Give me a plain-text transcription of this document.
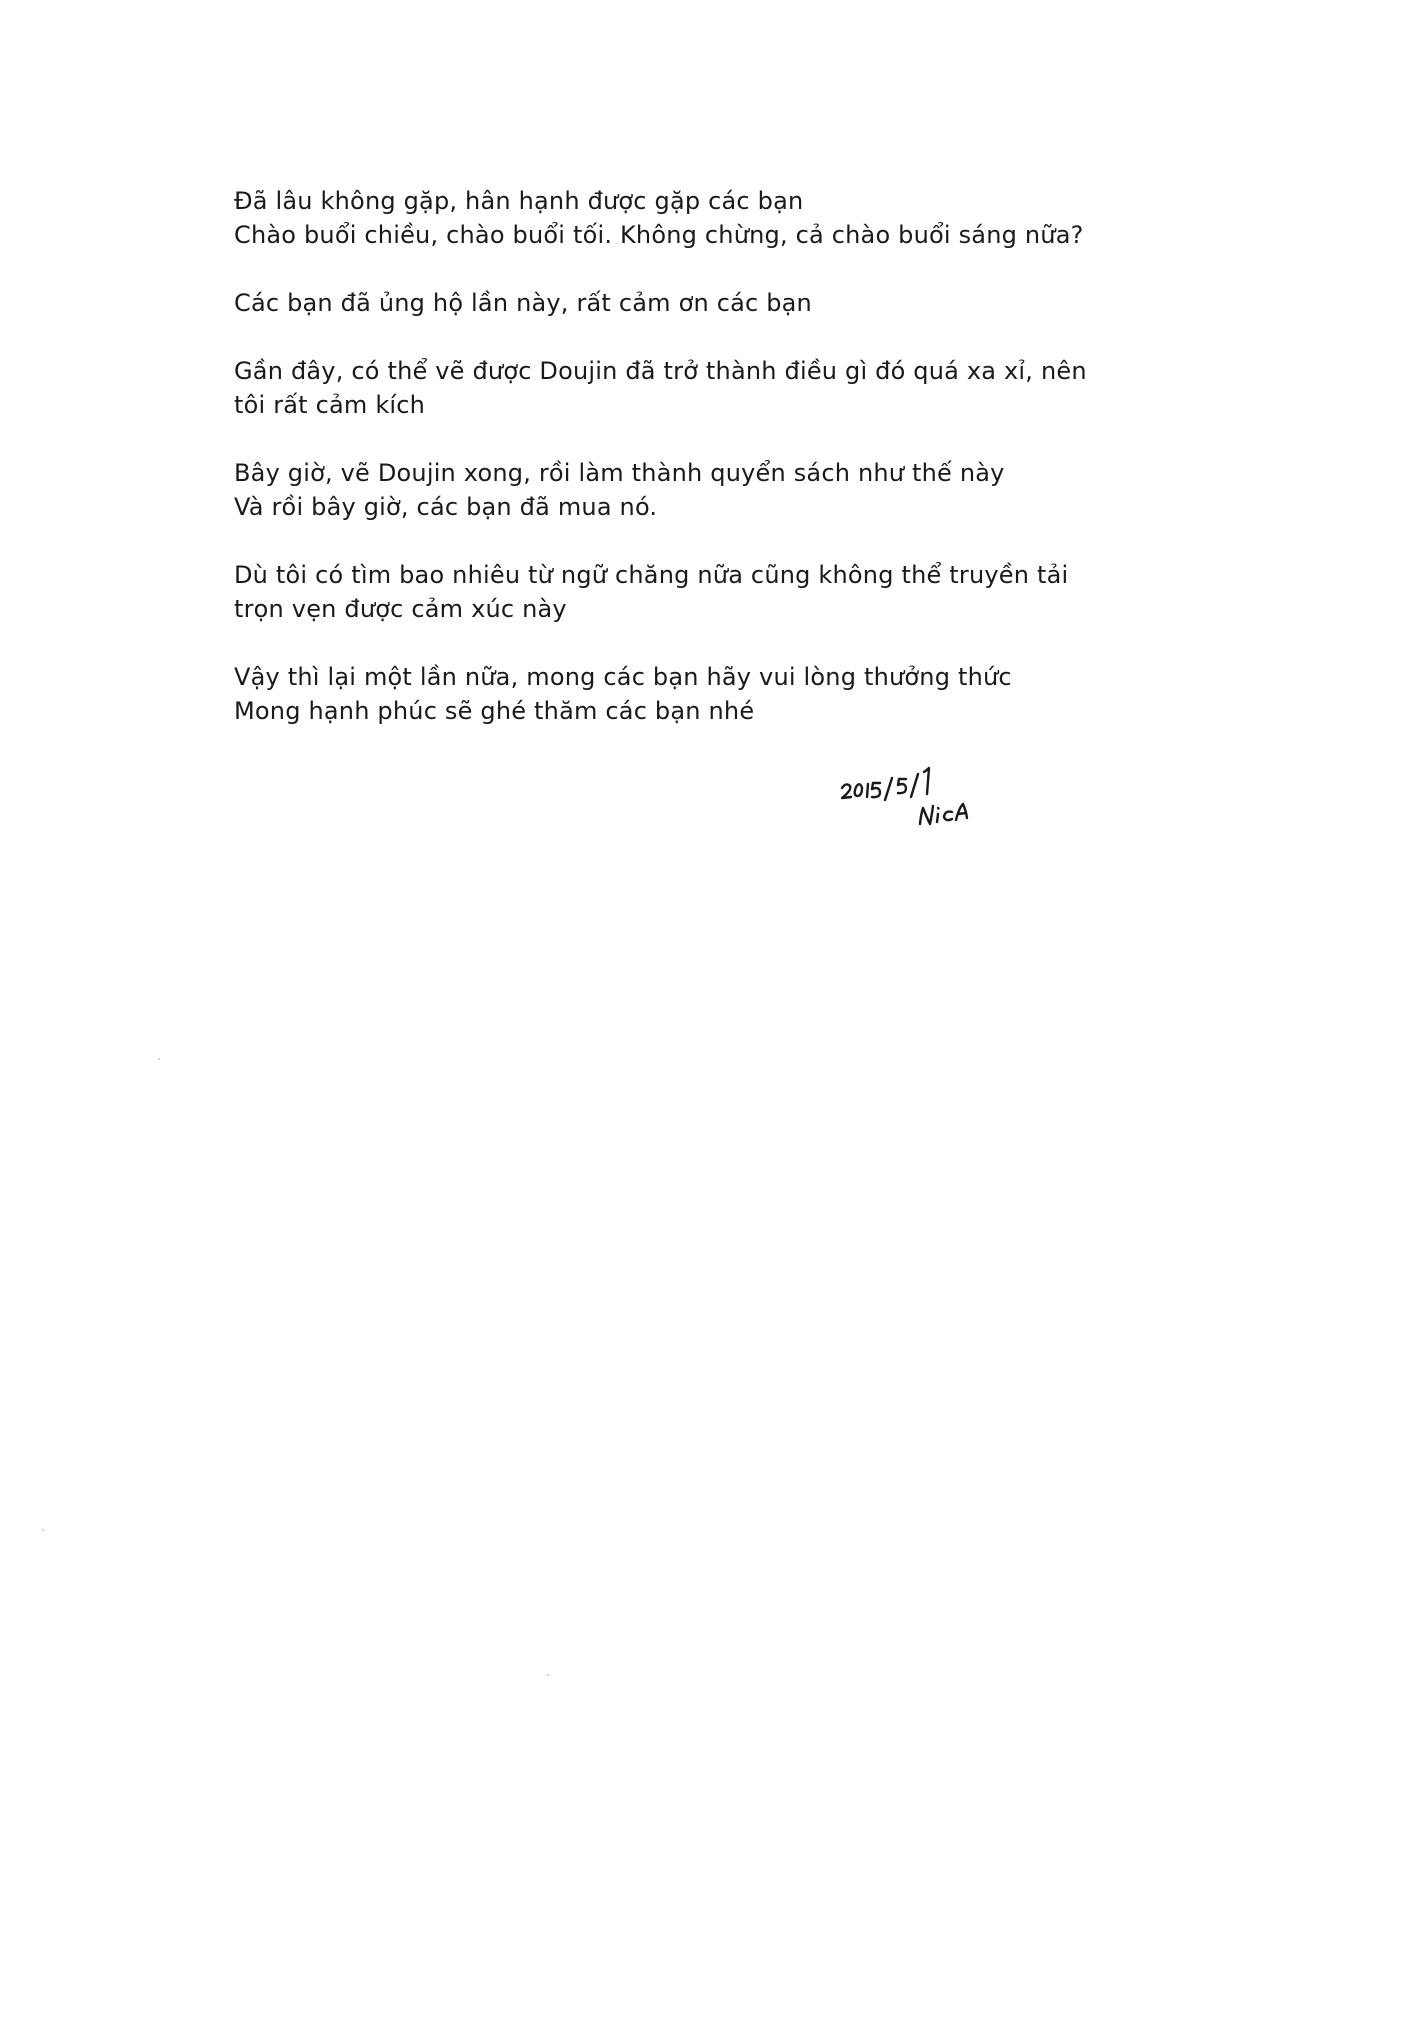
Đã lâu không gặp, hân hạnh được gặp các bạn
Chào buổi chiều, chào buổi tối. Không chừng, cả chào buổi sáng nữa?

Các bạn đã ủng hộ lần này, rất cảm ơn các bạn

Gần đây, có thể vẽ được Doujin đã trở thành điều gì đó quá xa xỉ, nên
tôi rất cảm kích

Bây giờ, vẽ Doujin xong, rồi làm thành quyển sách như thế này
Và rồi bây giờ, các bạn đã mua nó.

Dù tôi có tìm bao nhiêu từ ngữ chăng nữa cũng không thể truyền tải
trọn vẹn được cảm xúc này

Vậy thì lại một lần nữa, mong các bạn hãy vui lòng thưởng thức
Mong hạnh phúc sẽ ghé thăm các bạn nhé
